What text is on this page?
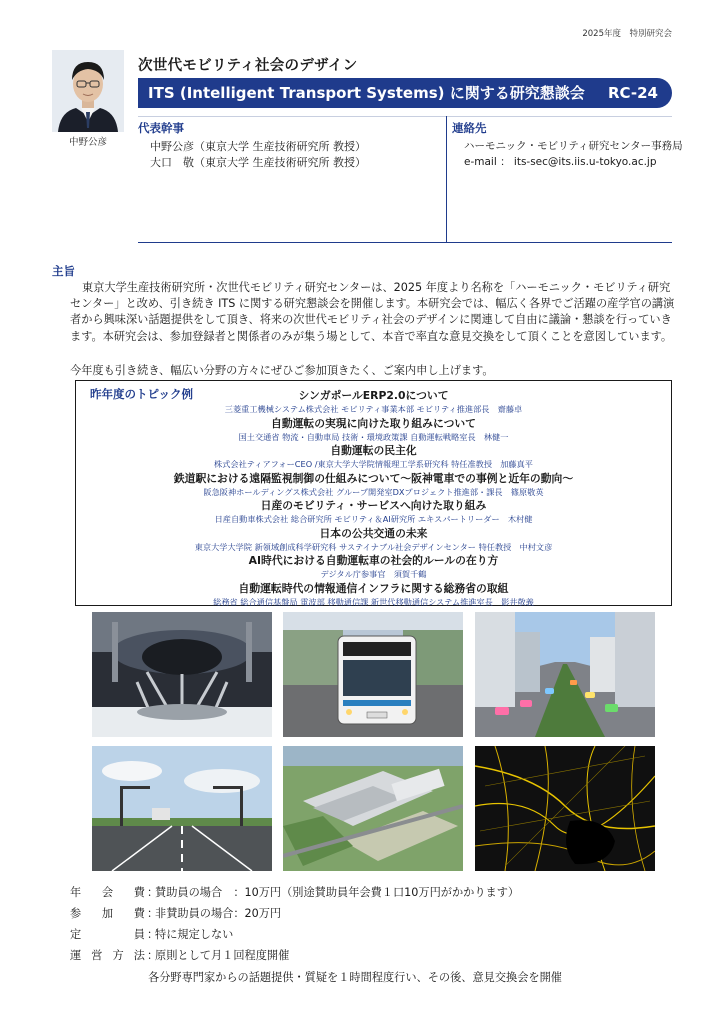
2025年度　特別研究会
中野公彦
次世代モビリティ社会のデザイン
ITS (Intelligent Transport Systems) に関する研究懇談会 RC-24
代表幹事
中野公彦（東京大学 生産技術研究所 教授）
大口　敬（東京大学 生産技術研究所 教授）
連絡先
ハーモニック・モビリティ研究センター事務局
e-mail ： its-sec@its.iis.u-tokyo.ac.jp
主旨
東京大学生産技術研究所・次世代モビリティ研究センターは、2025 年度より名称を「ハーモニック・モビリティ研究センター」と改め、引き続き ITS に関する研究懇談会を開催します。本研究会では、幅広く各界でご活躍の産学官の講演者から興味深い話題提供をして頂き、将来の次世代モビリティ社会のデザインに関連して自由に議論・懇談を行っていきます。本研究会は、参加登録者と関係者のみが集う場として、本音で率直な意見交換をして頂くことを意図しています。
今年度も引き続き、幅広い分野の方々にぜひご参加頂きたく、ご案内申し上げます。
昨年度のトピック例	シンガポールERP2.0について
三菱重工機械システム株式会社 モビリティ事業本部 モビリティ推進部長　齋藤卓
自動運転の実現に向けた取り組みについて
国土交通省 物流・自動車局 技術・環境政策課 自動運転戦略室長　林健一
自動運転の民主化
株式会社ティアフォーCEO /東京大学大学院情報理工学系研究科 特任准教授　加藤真平
鉄道駅における遠隔監視制御の仕組みについて～阪神電車での事例と近年の動向～
阪急阪神ホールディングス株式会社 グループ開発室DXプロジェクト推進部・課長　篠原敬英
日産のモビリティ・サービスへ向けた取り組み
日産自動車株式会社 総合研究所 モビリティ＆AI研究所 エキスパートリーダー　木村健
日本の公共交通の未来
東京大学大学院 新領域創成科学研究科 サステイナブル社会デザインセンター 特任教授　中村文彦
AI時代における自動運転車の社会的ルールの在り方
デジタル庁参事官　須賀千鶴
自動運転時代の情報通信インフラに関する総務省の取組
総務省 総合通信基盤局 電波部 移動通信課 新世代移動通信システム推進室長　影井敬義
年会費 ：賛助員の場合　：10万円（別途賛助員年会費１口10万円がかかります）
参加費 ：非賛助員の場合：20万円
定員 ：特に規定しない
運営方法 ：原則として月１回程度開催
各分野専門家からの話題提供・質疑を１時間程度行い、その後、意見交換会を開催
